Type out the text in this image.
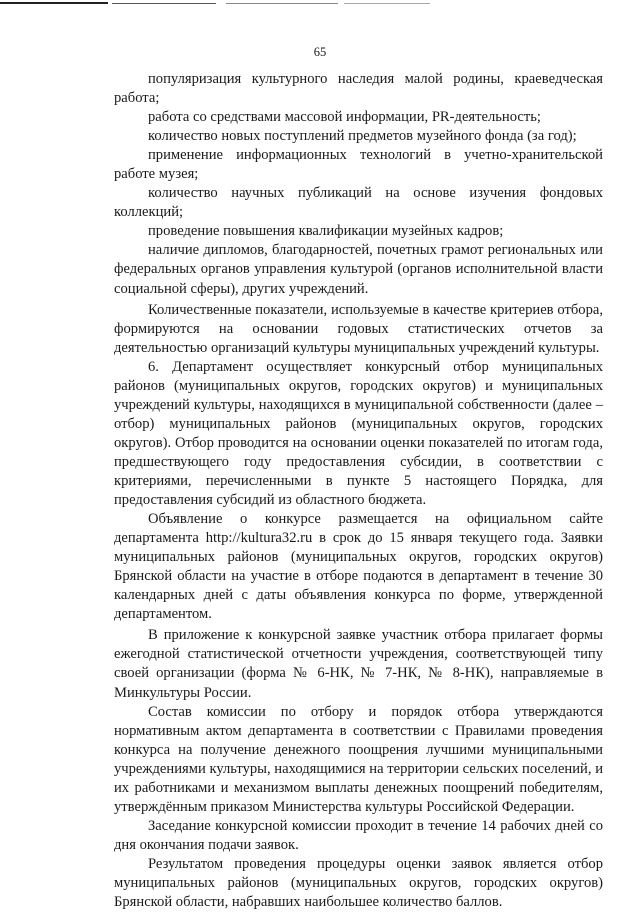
65

популяризация культурного наследия малой родины, краеведческая работа;

работа со средствами массовой информации, PR-деятельность;

количество новых поступлений предметов музейного фонда (за год);

применение информационных технологий в учетно-хранительской работе музея;

количество научных публикаций на основе изучения фондовых коллекций;

проведение повышения квалификации музейных кадров;

наличие дипломов, благодарностей, почетных грамот региональных или федеральных органов управления культурой (органов исполнительной власти социальной сферы), других учреждений.

Количественные показатели, используемые в качестве критериев отбора, формируются на основании годовых статистических отчетов за деятельностью организаций культуры муниципальных учреждений культуры.

6. Департамент осуществляет конкурсный отбор муниципальных районов (муниципальных округов, городских округов) и муниципальных учреждений культуры, находящихся в муниципальной собственности (далее – отбор) муниципальных районов (муниципальных округов, городских округов). Отбор проводится на основании оценки показателей по итогам года, предшествующего году предоставления субсидии, в соответствии с критериями, перечисленными в пункте 5 настоящего Порядка, для предоставления субсидий из областного бюджета.

Объявление о конкурсе размещается на официальном сайте департамента http://kultura32.ru в срок до 15 января текущего года. Заявки муниципальных районов (муниципальных округов, городских округов) Брянской области на участие в отборе подаются в департамент в течение 30 календарных дней с даты объявления конкурса по форме, утвержденной департаментом.

В приложение к конкурсной заявке участник отбора прилагает формы ежегодной статистической отчетности учреждения, соответствующей типу своей организации (форма № 6-НК, № 7-НК, № 8-НК), направляемые в Минкультуры России.

Состав комиссии по отбору и порядок отбора утверждаются нормативным актом департамента в соответствии с Правилами проведения конкурса на получение денежного поощрения лучшими муниципальными учреждениями культуры, находящимися на территории сельских поселений, и их работниками и механизмом выплаты денежных поощрений победителям, утверждённым приказом Министерства культуры Российской Федерации.

Заседание конкурсной комиссии проходит в течение 14 рабочих дней со дня окончания подачи заявок.

Результатом проведения процедуры оценки заявок является отбор муниципальных районов (муниципальных округов, городских округов) Брянской области, набравших наибольшее количество баллов.
